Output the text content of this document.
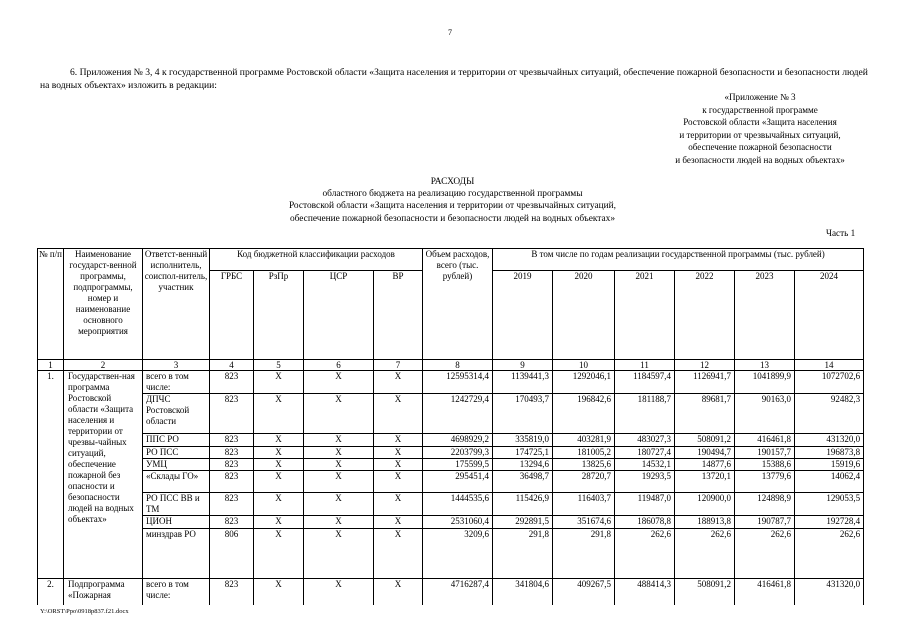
7
6. Приложения № 3, 4 к государственной программе Ростовской области «Защита населения и территории от чрезвычайных ситуаций, обеспечение пожарной безопасности и безопасности людей на водных объектах» изложить в редакции:
«Приложение № 3
к государственной программе
Ростовской области «Защита населения
и территории от чрезвычайных ситуаций,
обеспечение пожарной безопасности
и безопасности людей на водных объектах»
РАСХОДЫ
областного бюджета на реализацию государственной программы
Ростовской области «Защита населения и территории от чрезвычайных ситуаций,
обеспечение пожарной безопасности и безопасности людей на водных объектах»
Часть 1
№ п/п	Наименование государст-венной программы, подпрограммы, номер и наименование основного мероприятия	Ответст-венный исполнитель, соиспол-нитель, участник	Код бюджетной классификации расходов				Объем расходов, всего (тыс. рублей)	В том числе по годам реализации государственной программы (тыс. рублей)					
			ГРБС	РзПр	ЦСР	ВР		2019	2020	2021	2022	2023	2024
1	2	3	4	5	6	7	8	9	10	11	12	13	14
1.	Государствен-ная программа Ростовской области «Защита населения и территории от чрезвы-чайных ситуаций, обеспечение пожарной без опасности и безопасности людей на водных объектах»	всего в том числе:	823	Х	Х	Х	12595314,4	1139441,3	1292046,1	1184597,4	1126941,7	1041899,9	1072702,6
		ДПЧС Ростовской области	823	Х	Х	Х	1242729,4	170493,7	196842,6	181188,7	89681,7	90163,0	92482,3
		ППС РО	823	Х	Х	Х	4698929,2	335819,0	403281,9	483027,3	508091,2	416461,8	431320,0
		РО ПСС	823	Х	Х	Х	2203799,3	174725,1	181005,2	180727,4	190494,7	190157,7	196873,8
		УМЦ	823	Х	Х	Х	175599,5	13294,6	13825,6	14532,1	14877,6	15388,6	15919,6
		«Склады ГО»	823	Х	Х	Х	295451,4	36498,7	28720,7	19293,5	13720,1	13779,6	14062,4
		РО ПСС ВВ и ТМ	823	Х	Х	Х	1444535,6	115426,9	116403,7	119487,0	120900,0	124898,9	129053,5
		ЦИОН	823	Х	Х	Х	2531060,4	292891,5	351674,6	186078,8	188913,8	190787,7	192728,4
		минздрав РО	806	Х	Х	Х	3209,6	291,8	291,8	262,6	262,6	262,6	262,6
2.	Подпрограмма «Пожарная	всего в том числе:	823	Х	Х	Х	4716287,4	341804,6	409267,5	488414,3	508091,2	416461,8	431320,0
Y:\ORST\Ppo\0918p837.f21.docx
